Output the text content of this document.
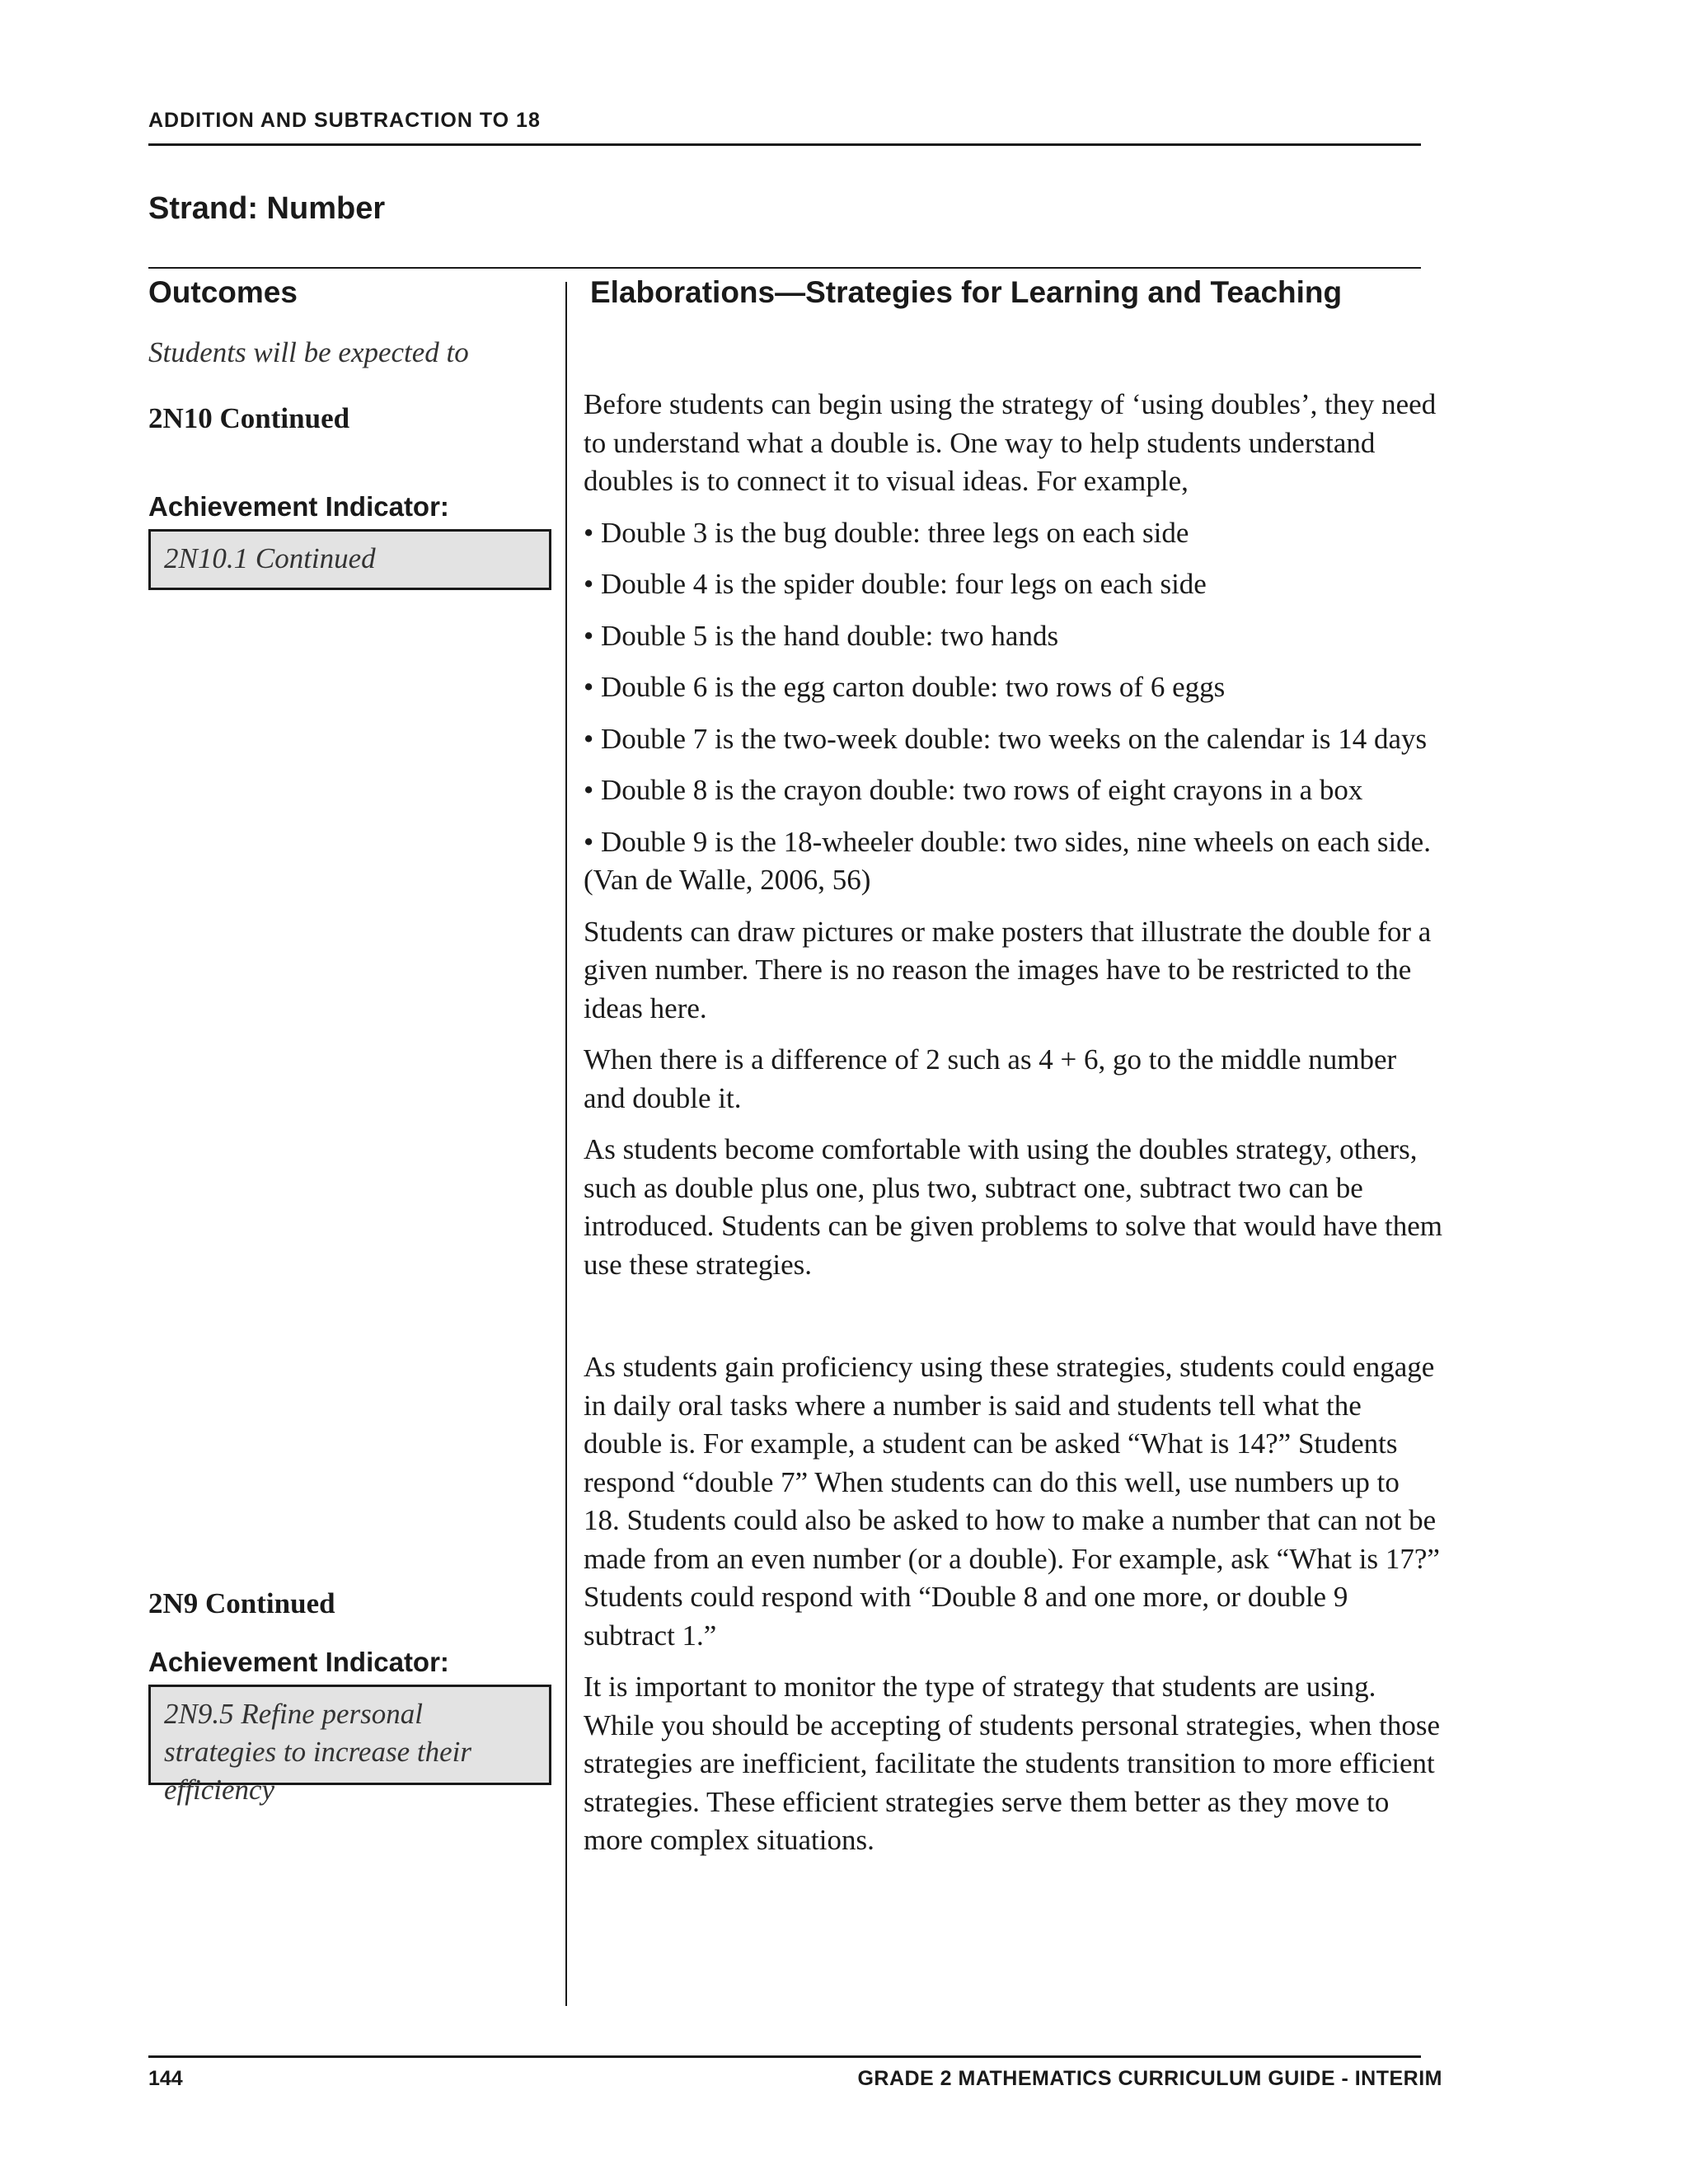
ADDITION AND SUBTRACTION TO 18
Strand: Number
Outcomes
Students will be expected to
2N10 Continued
Achievement Indicator:
2N10.1 Continued
2N9 Continued
Achievement Indicator:
2N9.5 Refine personal strategies to increase their efficiency
Elaborations—Strategies for Learning and Teaching

Before students can begin using the strategy of ‘using doubles’, they need to understand what a double is. One way to help students understand doubles is to connect it to visual ideas. For example,

• Double 3 is the bug double: three legs on each side
• Double 4 is the spider double: four legs on each side
• Double 5 is the hand double: two hands
• Double 6 is the egg carton double: two rows of 6 eggs
• Double 7 is the two-week double: two weeks on the calendar is 14 days
• Double 8 is the crayon double: two rows of eight crayons in a box
• Double 9 is the 18-wheeler double: two sides, nine wheels on each side. (Van de Walle, 2006, 56)

Students can draw pictures or make posters that illustrate the double for a given number. There is no reason the images have to be restricted to the ideas here.

When there is a difference of 2 such as 4 + 6, go to the middle number and double it.

As students become comfortable with using the doubles strategy, others, such as double plus one, plus two, subtract one, subtract two can be introduced. Students can be given problems to solve that would have them use these strategies.

As students gain proficiency using these strategies, students could engage in daily oral tasks where a number is said and students tell what the double is. For example, a student can be asked “What is 14?” Students respond “double 7” When students can do this well, use numbers up to 18. Students could also be asked to how to make a number that can not be made from an even number (or a double). For example, ask “What is 17?” Students could respond with “Double 8 and one more, or double 9 subtract 1.”

It is important to monitor the type of strategy that students are using. While you should be accepting of students personal strategies, when those strategies are inefficient, facilitate the students transition to more efficient strategies. These efficient strategies serve them better as they move to more complex situations.

144	GRADE 2 MATHEMATICS CURRICULUM GUIDE - INTERIM
